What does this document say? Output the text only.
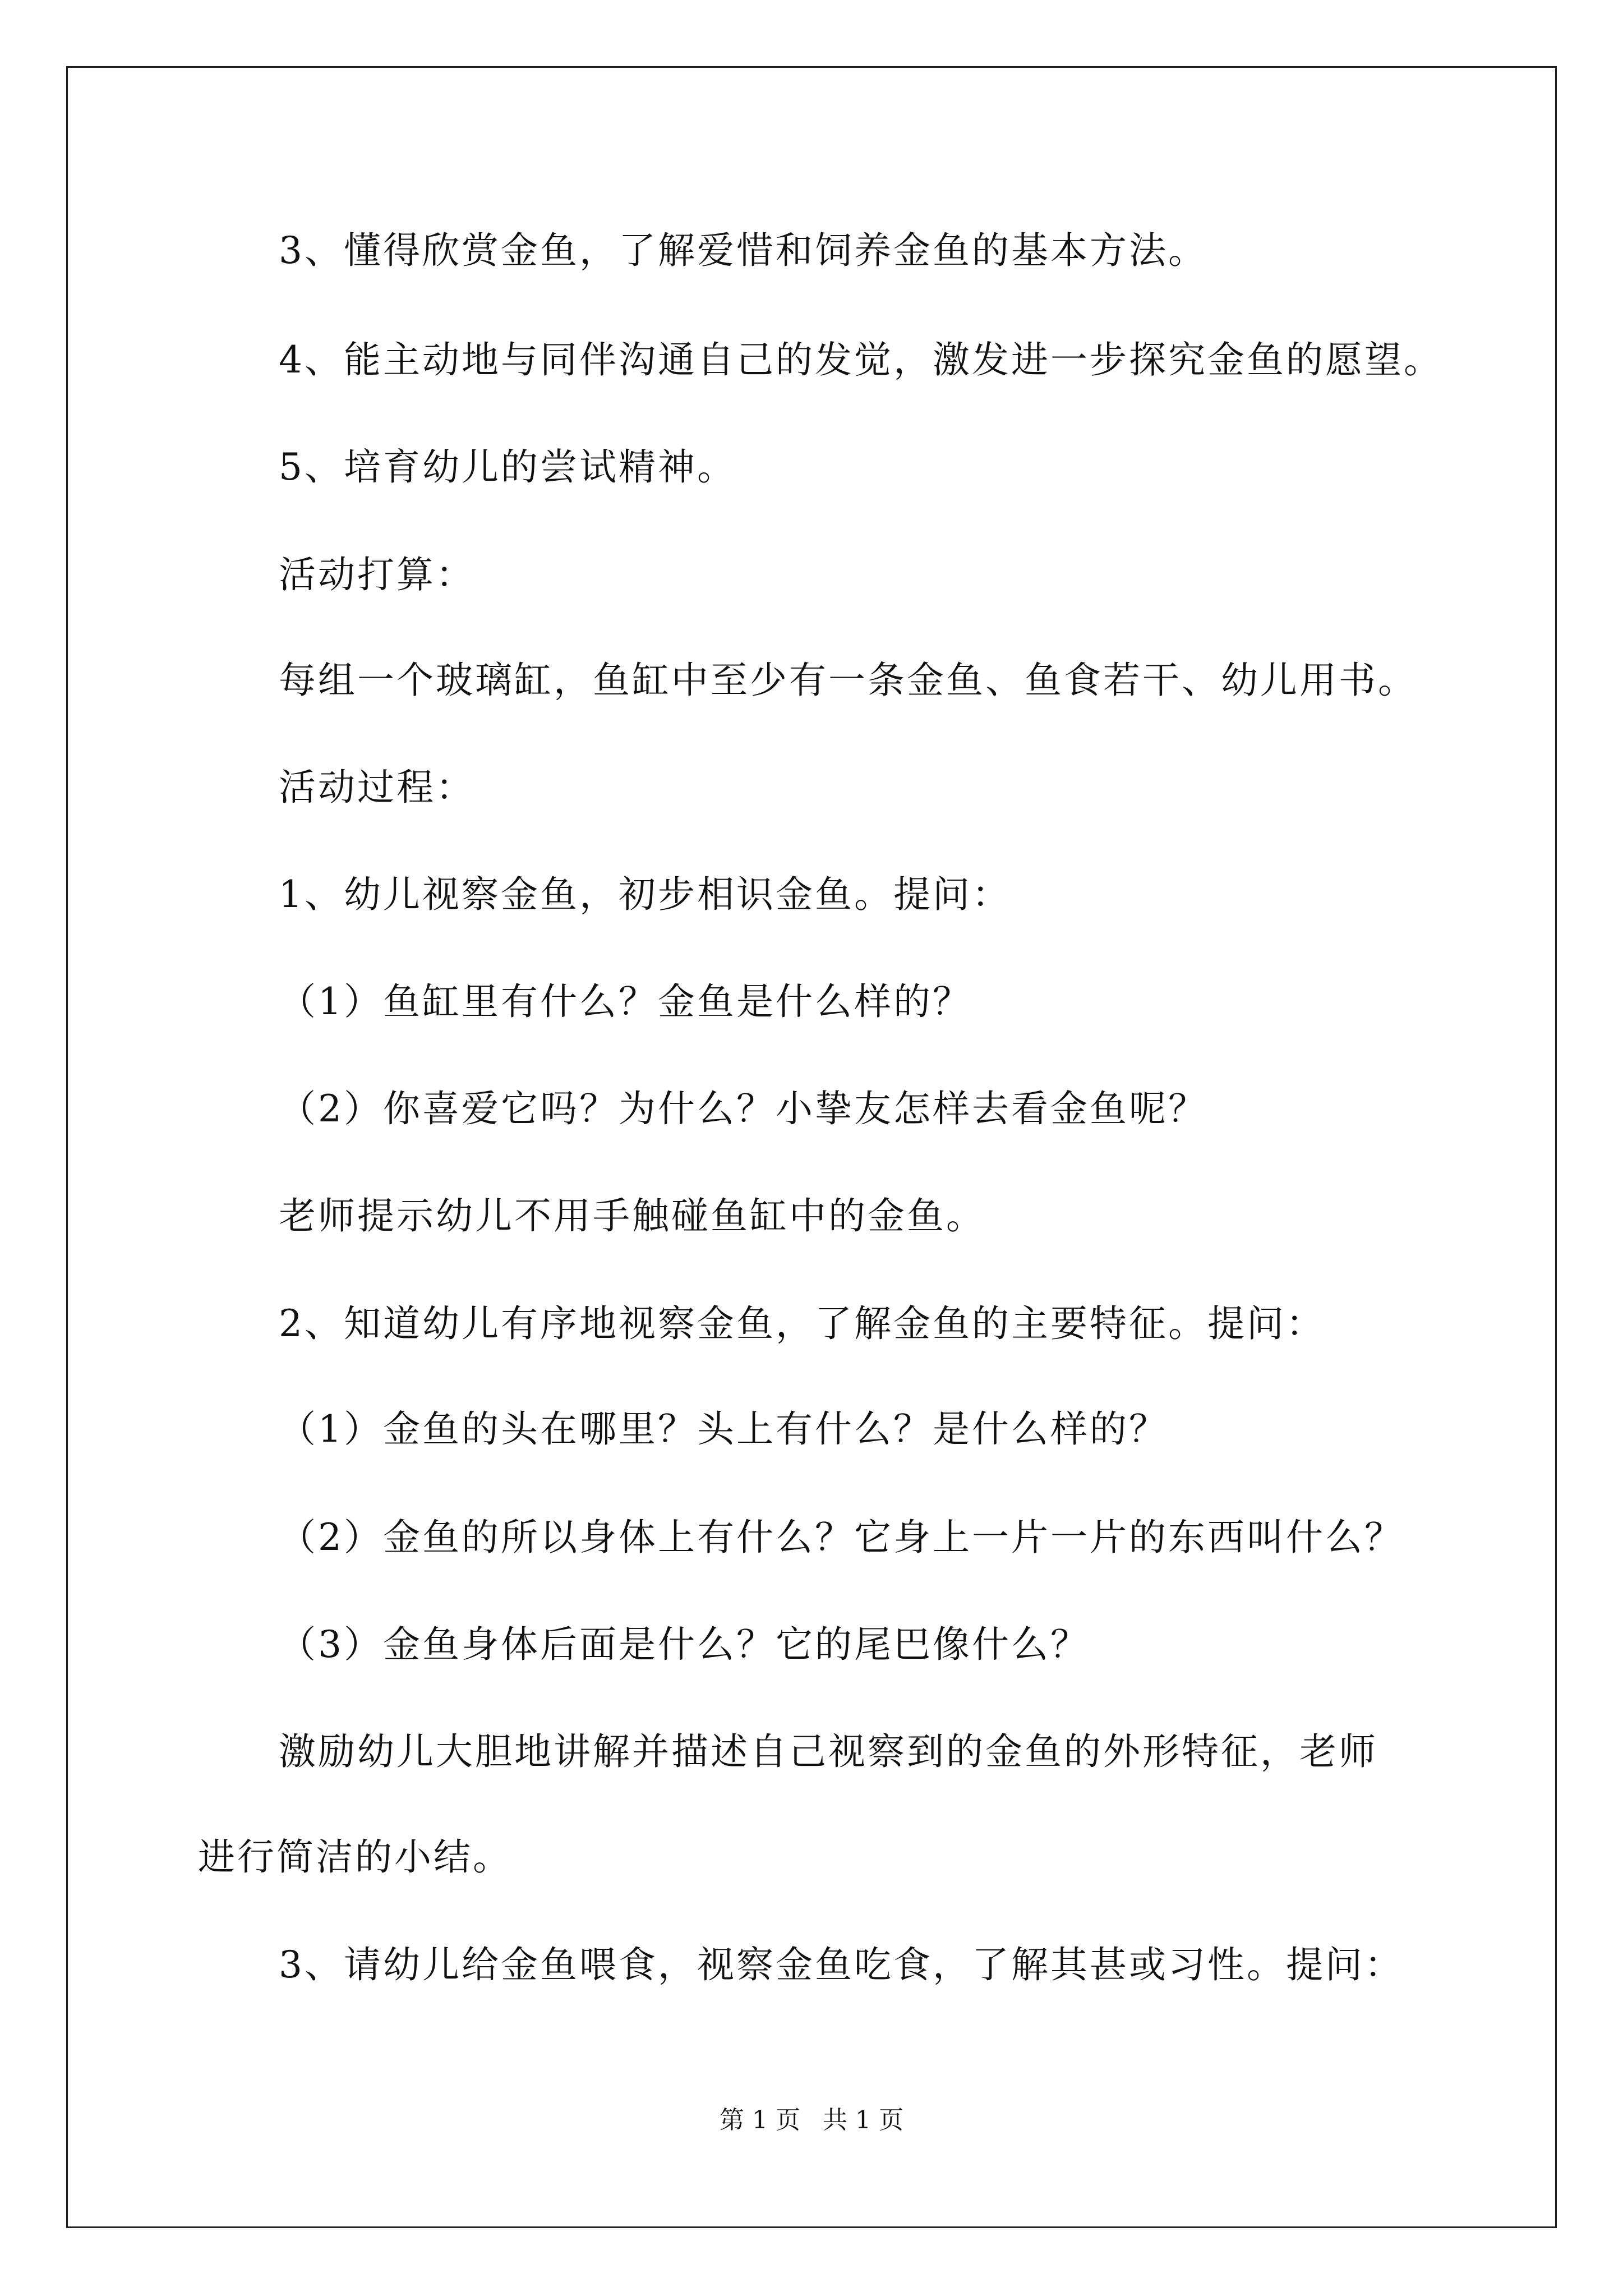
3、懂得欣赏金鱼，了解爱惜和饲养金鱼的基本方法。
4、能主动地与同伴沟通自己的发觉，激发进一步探究金鱼的愿望。
5、培育幼儿的尝试精神。
活动打算：
每组一个玻璃缸，鱼缸中至少有一条金鱼、鱼食若干、幼儿用书。
活动过程：
1、幼儿视察金鱼，初步相识金鱼。提问：
（1）鱼缸里有什么？金鱼是什么样的？
（2）你喜爱它吗？为什么？小挚友怎样去看金鱼呢？
老师提示幼儿不用手触碰鱼缸中的金鱼。
2、知道幼儿有序地视察金鱼，了解金鱼的主要特征。提问：
（1）金鱼的头在哪里？头上有什么？是什么样的？
（2）金鱼的所以身体上有什么？它身上一片一片的东西叫什么？
（3）金鱼身体后面是什么？它的尾巴像什么？
激励幼儿大胆地讲解并描述自己视察到的金鱼的外形特征，老师
进行简洁的小结。
3、请幼儿给金鱼喂食，视察金鱼吃食，了解其甚或习性。提问：
第 1 页 共 1 页
